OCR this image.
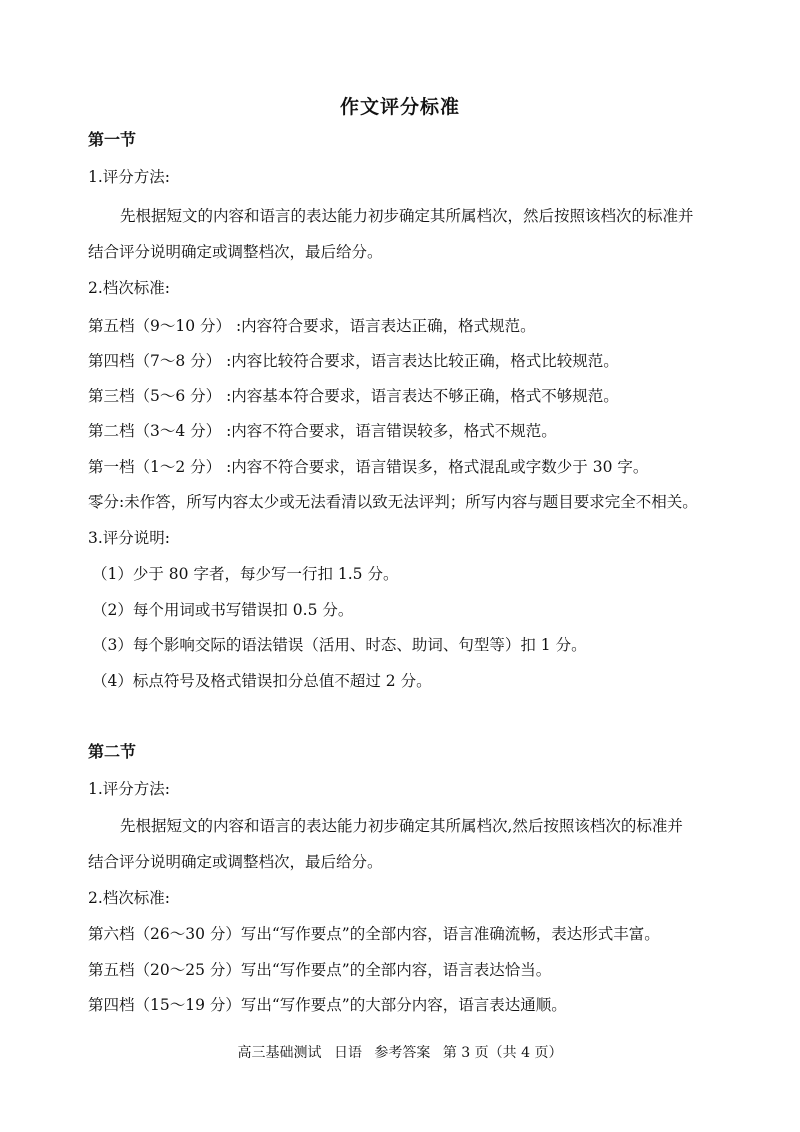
作文评分标准
第一节
1.评分方法:
先根据短文的内容和语言的表达能力初步确定其所属档次，然后按照该档次的标准并
结合评分说明确定或调整档次，最后给分。
2.档次标准:
第五档（9～10 分） :内容符合要求，语言表达正确，格式规范。
第四档（7～8 分） :内容比较符合要求，语言表达比较正确，格式比较规范。
第三档（5～6 分） :内容基本符合要求，语言表达不够正确，格式不够规范。
第二档（3～4 分） :内容不符合要求，语言错误较多，格式不规范。
第一档（1～2 分） :内容不符合要求，语言错误多，格式混乱或字数少于 30 字。
零分:未作答，所写内容太少或无法看清以致无法评判；所写内容与题目要求完全不相关。
3.评分说明:
（1）少于 80 字者，每少写一行扣 1.5 分。
（2）每个用词或书写错误扣 0.5 分。
（3）每个影响交际的语法错误（活用、时态、助词、句型等）扣 1 分。
（4）标点符号及格式错误扣分总值不超过 2 分。
第二节
1.评分方法:
先根据短文的内容和语言的表达能力初步确定其所属档次,然后按照该档次的标准并
结合评分说明确定或调整档次，最后给分。
2.档次标准:
第六档（26～30 分）写出“写作要点”的全部内容，语言准确流畅，表达形式丰富。
第五档（20～25 分）写出“写作要点”的全部内容，语言表达恰当。
第四档（15～19 分）写出“写作要点”的大部分内容，语言表达通顺。
高三基础测试 日语 参考答案 第 3 页（共 4 页）
